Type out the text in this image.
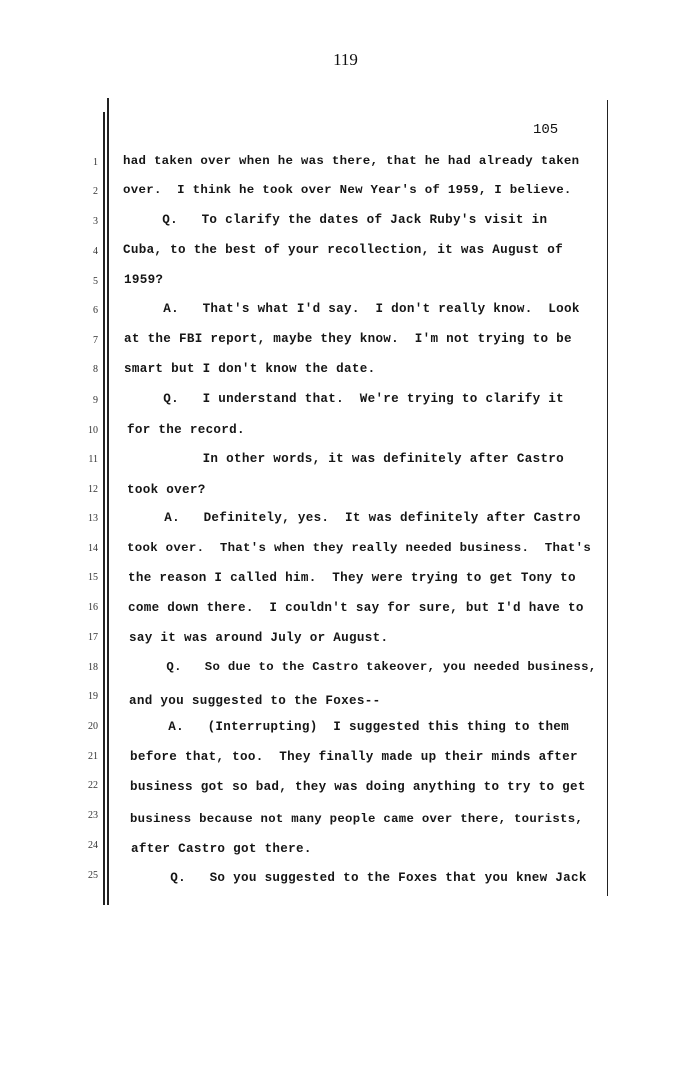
119
105
1 had taken over when he was there, that he had already taken
2 over.  I think he took over New Year's of 1959, I believe.
3 Q.   To clarify the dates of Jack Ruby's visit in
4 Cuba, to the best of your recollection, it was August of
5 1959?
6 A.   That's what I'd say.  I don't really know.  Look
7 at the FBI report, maybe they know.  I'm not trying to be
8 smart but I don't know the date.
9 Q.   I understand that.  We're trying to clarify it
10 for the record.
11 In other words, it was definitely after Castro
12 took over?
13 A.   Definitely, yes.  It was definitely after Castro
14 took over.  That's when they really needed business.  That's
15 the reason I called him.  They were trying to get Tony to
16 come down there.  I couldn't say for sure, but I'd have to
17 say it was around July or August.
18 Q.   So due to the Castro takeover, you needed business,
19 and you suggested to the Foxes--
20 A.   (Interrupting)  I suggested this thing to them
21	before that, too.  They finally made up their minds after
22	business got so bad, they was doing anything to try to get
23	business because not many people came over there, tourists,
24	after Castro got there.
25	Q.   So you suggested to the Foxes that you knew Jack
